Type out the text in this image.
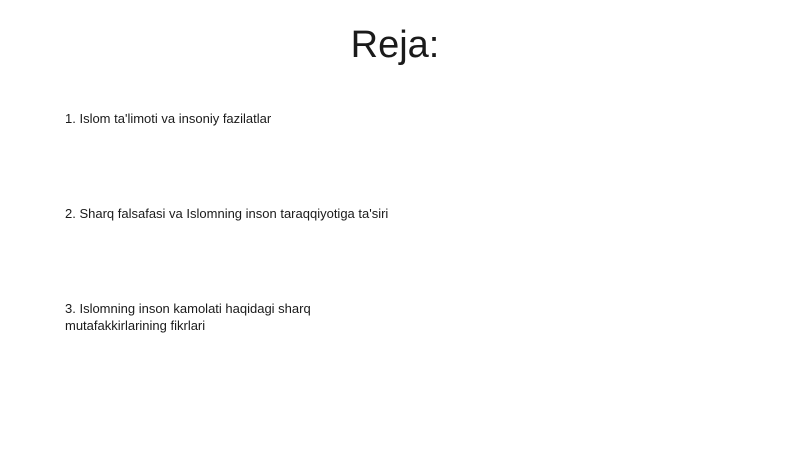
Reja:

1. Islom ta'limoti va insoniy fazilatlar

2. Sharq falsafasi va Islomning inson taraqqiyotiga ta'siri

3. Islomning inson kamolati haqidagi sharq mutafakkirlarining fikrlari
